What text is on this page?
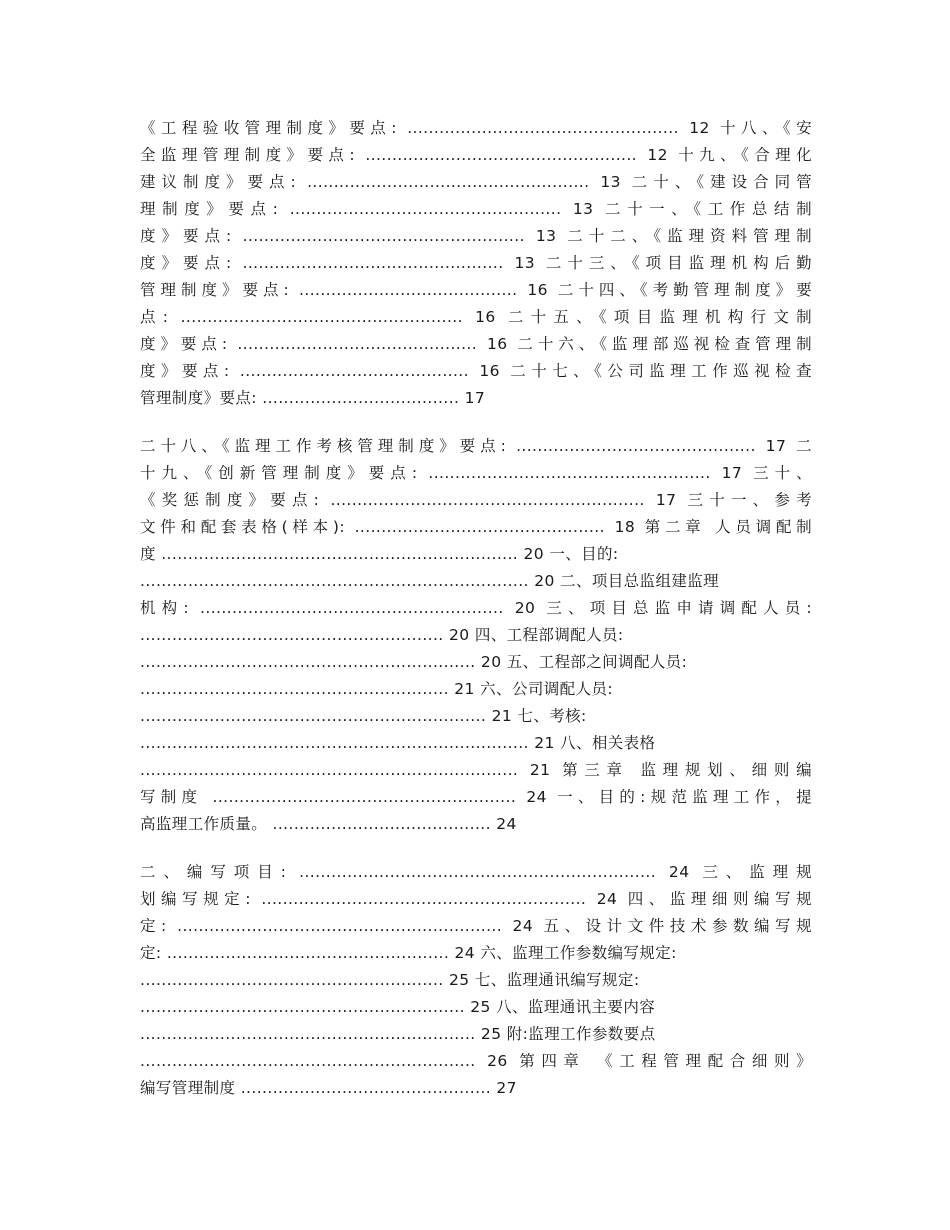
《工程验收管理制度》要点: ................................................... 12 十八、《安
全监理管理制度》要点: ................................................... 12 十九、《合理化
建议制度》要点: ..................................................... 13 二十、《建设合同管
理制度》要点: ................................................... 13 二十一、《工作总结制
度》要点: ..................................................... 13 二十二、《监理资料管理制
度》要点: ................................................. 13 二十三、《项目监理机构后勤
管理制度》要点: ......................................... 16 二十四、《考勤管理制度》要
点: ..................................................... 16 二十五、《项目监理机构行文制
度》要点: ............................................. 16 二十六、《监理部巡视检查管理制
度》要点: ........................................... 16 二十七、《公司监理工作巡视检查
管理制度》要点: ..................................... 17
二十八、《监理工作考核管理制度》要点: ............................................. 17 二
十九、《创新管理制度》要点: ..................................................... 17 三十、
《奖惩制度》要点: ........................................................... 17 三十一、参考
文件和配套表格(样本): ............................................... 18 第二章 人员调配制
度 ................................................................... 20 一、目的:
......................................................................... 20 二、项目总监组建监理
机构: ......................................................... 20 三、项目总监申请调配人员:
......................................................... 20 四、工程部调配人员:
............................................................... 20 五、工程部之间调配人员:
.......................................................... 21 六、公司调配人员:
................................................................. 21 七、考核:
......................................................................... 21 八、相关表格
....................................................................... 21 第三章 监理规划、细则编
写制度 ......................................................... 24 一、目的:规范监理工作，提
高监理工作质量。 ......................................... 24
二、编写项目: ................................................................... 24 三、监理规
划编写规定: ............................................................. 24 四、监理细则编写规
定: ............................................................. 24 五、设计文件技术参数编写规
定: ..................................................... 24 六、监理工作参数编写规定:
......................................................... 25 七、监理通讯编写规定:
............................................................. 25 八、监理通讯主要内容
............................................................... 25 附:监理工作参数要点
............................................................... 26 第四章 《工程管理配合细则》
编写管理制度 ............................................... 27
